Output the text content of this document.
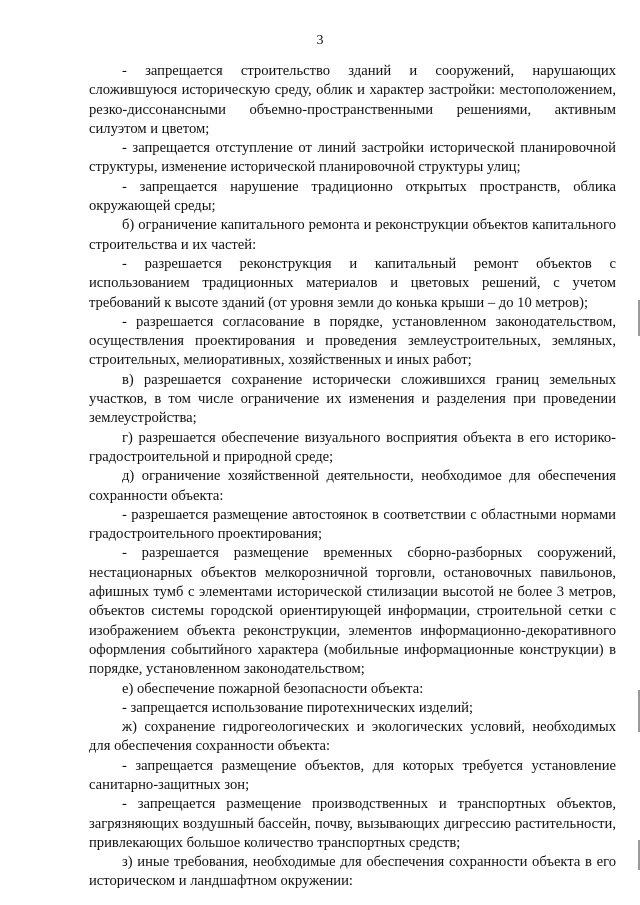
3

- запрещается строительство зданий и сооружений, нарушающих сложившуюся историческую среду, облик и характер застройки: местоположением, резко-диссонансными объемно-пространственными решениями, активным силуэтом и цветом;

- запрещается отступление от линий застройки исторической планировочной структуры, изменение исторической планировочной структуры улиц;

- запрещается нарушение традиционно открытых пространств, облика окружающей среды;

б) ограничение капитального ремонта и реконструкции объектов капитального строительства и их частей:

- разрешается реконструкция и капитальный ремонт объектов с использованием традиционных материалов и цветовых решений, с учетом требований к высоте зданий (от уровня земли до конька крыши – до 10 метров);

- разрешается согласование в порядке, установленном законодательством, осуществления проектирования и проведения землеустроительных, земляных, строительных, мелиоративных, хозяйственных и иных работ;

в) разрешается сохранение исторически сложившихся границ земельных участков, в том числе ограничение их изменения и разделения при проведении землеустройства;

г) разрешается обеспечение визуального восприятия объекта в его историко-градостроительной и природной среде;

д) ограничение хозяйственной деятельности, необходимое для обеспечения сохранности объекта:

- разрешается размещение автостоянок в соответствии с областными нормами градостроительного проектирования;

- разрешается размещение временных сборно-разборных сооружений, нестационарных объектов мелкорозничной торговли, остановочных павильонов, афишных тумб с элементами исторической стилизации высотой не более 3 метров, объектов системы городской ориентирующей информации, строительной сетки с изображением объекта реконструкции, элементов информационно-декоративного оформления событийного характера (мобильные информационные конструкции) в порядке, установленном законодательством;

е) обеспечение пожарной безопасности объекта:

- запрещается использование пиротехнических изделий;

ж) сохранение гидрогеологических и экологических условий, необходимых для обеспечения сохранности объекта:

- запрещается размещение объектов, для которых требуется установление санитарно-защитных зон;

- запрещается размещение производственных и транспортных объектов, загрязняющих воздушный бассейн, почву, вызывающих дигрессию растительности, привлекающих большое количество транспортных средств;

з) иные требования, необходимые для обеспечения сохранности объекта в его историческом и ландшафтном окружении:
